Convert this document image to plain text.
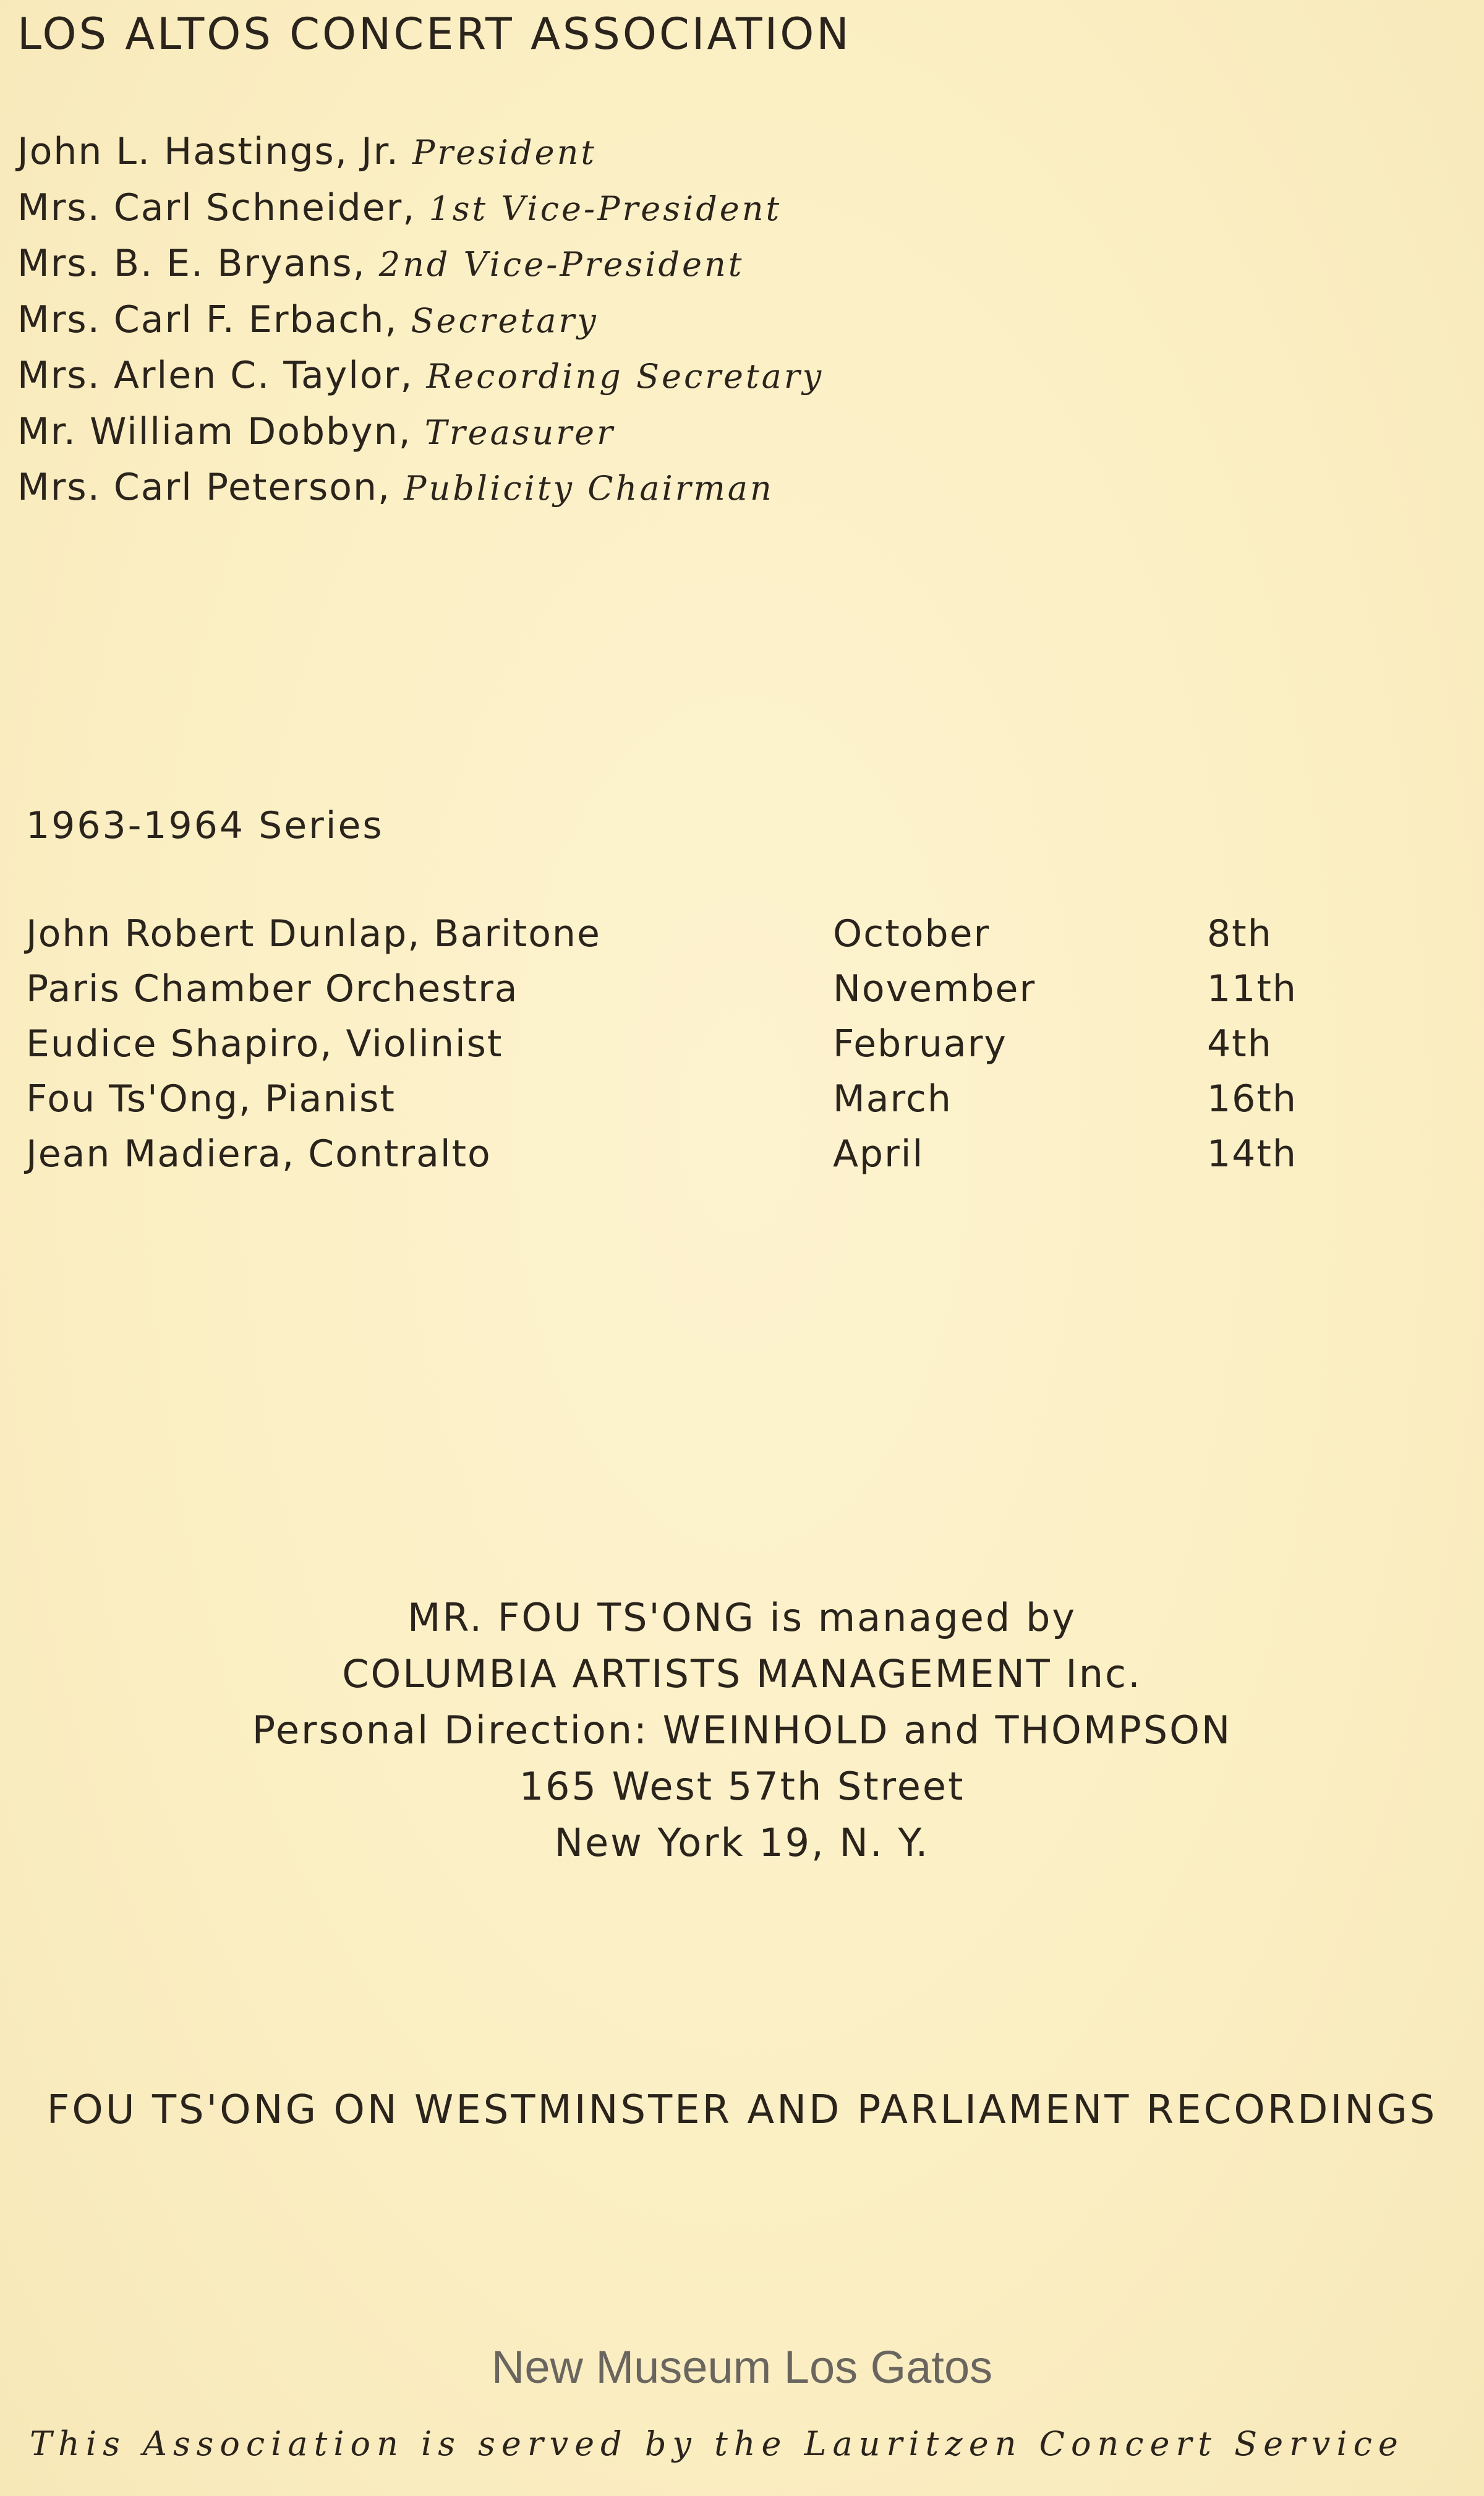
LOS ALTOS CONCERT ASSOCIATION
John L. Hastings, Jr. President
Mrs. Carl Schneider, 1st Vice-President
Mrs. B. E. Bryans, 2nd Vice-President
Mrs. Carl F. Erbach, Secretary
Mrs. Arlen C. Taylor, Recording Secretary
Mr. William Dobbyn, Treasurer
Mrs. Carl Peterson, Publicity Chairman
1963-1964 Series
John Robert Dunlap, Baritone	October	8th
Paris Chamber Orchestra	November	11th
Eudice Shapiro, Violinist	February	4th
Fou Ts'Ong, Pianist	March	16th
Jean Madiera, Contralto	April	14th

MR. FOU TS'ONG is managed by
COLUMBIA ARTISTS MANAGEMENT Inc.
Personal Direction: WEINHOLD and THOMPSON
165 West 57th Street
New York 19, N. Y.
FOU TS'ONG ON WESTMINSTER AND PARLIAMENT RECORDINGS
New Museum Los Gatos
This Association is served by the Lauritzen Concert Service
